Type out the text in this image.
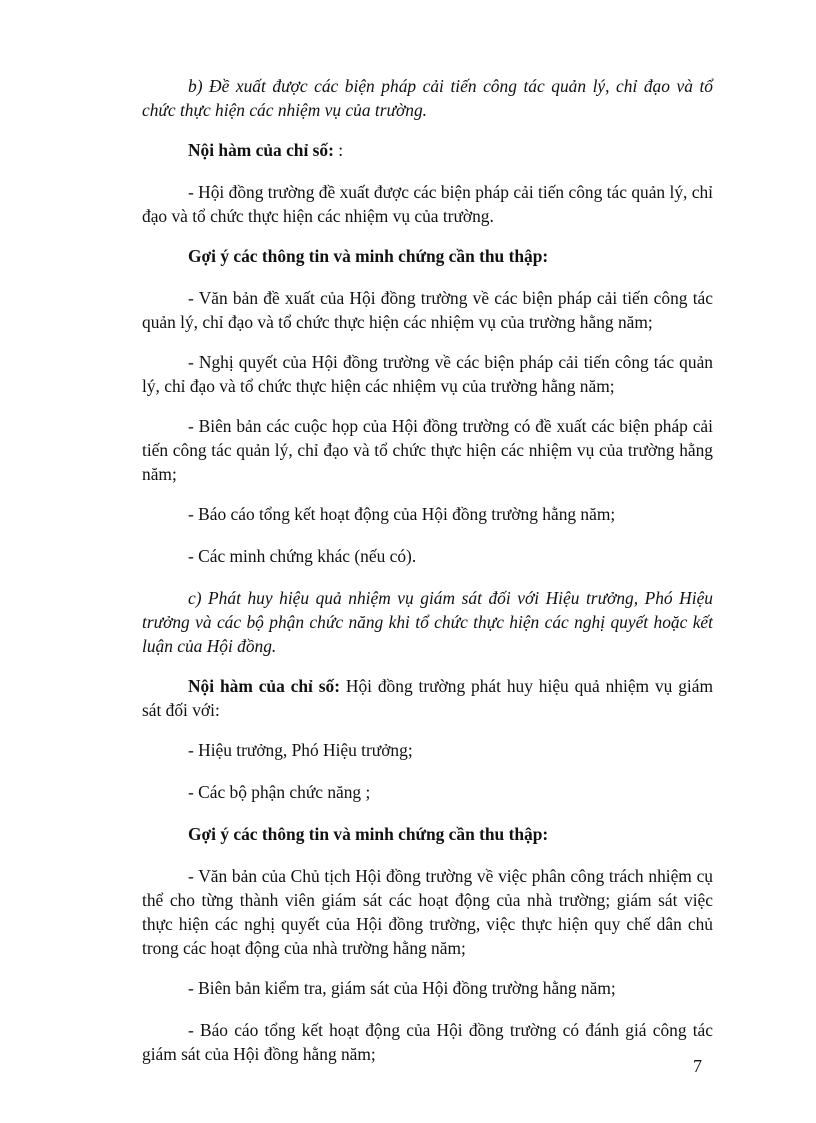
b) Đề xuất được các biện pháp cải tiến công tác quản lý, chỉ đạo và tổ chức thực hiện các nhiệm vụ của trường.

Nội hàm của chỉ số: :

- Hội đồng trường đề xuất được các biện pháp cải tiến công tác quản lý, chỉ đạo và tổ chức thực hiện các nhiệm vụ của trường.

Gợi ý các thông tin và minh chứng cần thu thập:

- Văn bản đề xuất của Hội đồng trường về các biện pháp cải tiến công tác quản lý, chỉ đạo và tổ chức thực hiện các nhiệm vụ của trường hằng năm;

- Nghị quyết của Hội đồng trường về các biện pháp cải tiến công tác quản lý, chỉ đạo và tổ chức thực hiện các nhiệm vụ của trường hằng năm;

- Biên bản các cuộc họp của Hội đồng trường có đề xuất các biện pháp cải tiến công tác quản lý, chỉ đạo và tổ chức thực hiện các nhiệm vụ của trường hằng năm;

- Báo cáo tổng kết hoạt động của Hội đồng trường hằng năm;

- Các minh chứng khác (nếu có).

c) Phát huy hiệu quả nhiệm vụ giám sát đối với Hiệu trưởng, Phó Hiệu trưởng và các bộ phận chức năng khi tổ chức thực hiện các nghị quyết hoặc kết luận của Hội đồng.

Nội hàm của chỉ số: Hội đồng trường phát huy hiệu quả nhiệm vụ giám sát đối với:

- Hiệu trưởng, Phó Hiệu trưởng;

- Các bộ phận chức năng ;

Gợi ý các thông tin và minh chứng cần thu thập:

- Văn bản của Chủ tịch Hội đồng trường về việc phân công trách nhiệm cụ thể cho từng thành viên giám sát các hoạt động của nhà trường; giám sát việc thực hiện các nghị quyết của Hội đồng trường, việc thực hiện quy chế dân chủ trong các hoạt động của nhà trường hằng năm;

- Biên bản kiểm tra, giám sát của Hội đồng trường hằng năm;

- Báo cáo tổng kết hoạt động của Hội đồng trường có đánh giá công tác giám sát của Hội đồng hằng năm;

7
